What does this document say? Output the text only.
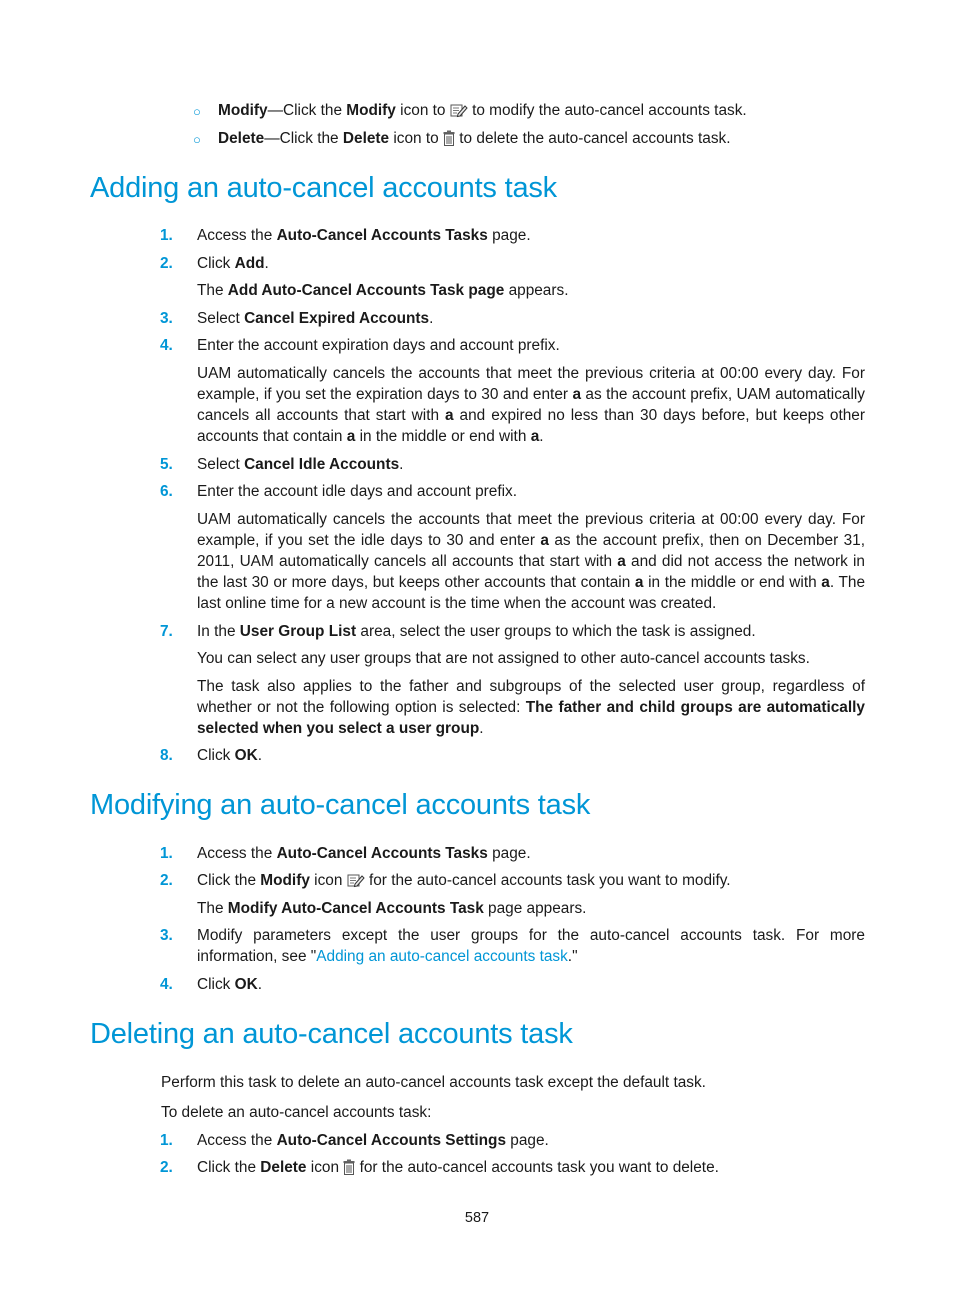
○ Modify—Click the Modify icon to  to modify the auto-cancel accounts task.
○ Delete—Click the Delete icon to  to delete the auto-cancel accounts task.
Adding an auto-cancel accounts task
1. Access the Auto-Cancel Accounts Tasks page.
2. Click Add.
The Add Auto-Cancel Accounts Task page appears.
3. Select Cancel Expired Accounts.
4. Enter the account expiration days and account prefix.
UAM automatically cancels the accounts that meet the previous criteria at 00:00 every day. For example, if you set the expiration days to 30 and enter a as the account prefix, UAM automatically cancels all accounts that start with a and expired no less than 30 days before, but keeps other accounts that contain a in the middle or end with a.
5. Select Cancel Idle Accounts.
6. Enter the account idle days and account prefix.
UAM automatically cancels the accounts that meet the previous criteria at 00:00 every day. For example, if you set the idle days to 30 and enter a as the account prefix, then on December 31, 2011, UAM automatically cancels all accounts that start with a and did not access the network in the last 30 or more days, but keeps other accounts that contain a in the middle or end with a. The last online time for a new account is the time when the account was created.
7. In the User Group List area, select the user groups to which the task is assigned.
You can select any user groups that are not assigned to other auto-cancel accounts tasks.
The task also applies to the father and subgroups of the selected user group, regardless of whether or not the following option is selected: The father and child groups are automatically selected when you select a user group.
8. Click OK.
Modifying an auto-cancel accounts task
1. Access the Auto-Cancel Accounts Tasks page.
2. Click the Modify icon  for the auto-cancel accounts task you want to modify.
The Modify Auto-Cancel Accounts Task page appears.
3. Modify parameters except the user groups for the auto-cancel accounts task. For more information, see "Adding an auto-cancel accounts task."
4. Click OK.
Deleting an auto-cancel accounts task
Perform this task to delete an auto-cancel accounts task except the default task.
To delete an auto-cancel accounts task:
1. Access the Auto-Cancel Accounts Settings page.
2. Click the Delete icon  for the auto-cancel accounts task you want to delete.
587
